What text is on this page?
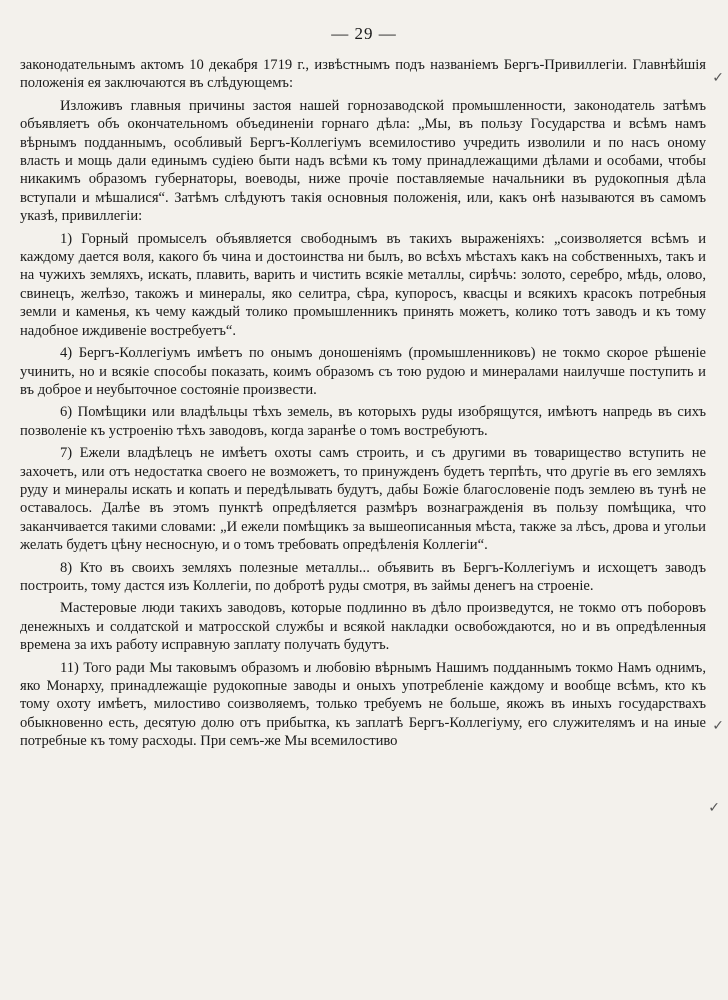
— 29 —

законодательнымъ актомъ 10 декабря 1719 г., извѣстнымъ подъ названіемъ Бергъ-Привиллегіи. Главнѣйшія положенія ея заключаются въ слѣдующемъ:

Изложивъ главныя причины застоя нашей горнозаводской промышленности, законодатель затѣмъ объявляетъ объ окончательномъ объединеніи горнаго дѣла: „Мы, въ пользу Государства и всѣмъ намъ вѣрнымъ подданнымъ, особливый Бергъ-Коллегіумъ всемилостиво учредить изволили и по насъ оному власть и мощь дали единымъ судіею быти надъ всѣми къ тому принадлежащими дѣлами и особами, чтобы никакимъ образомъ губернаторы, воеводы, ниже прочіе поставляемые начальники въ рудокопныя дѣла вступали и мѣшалися“. Затѣмъ слѣдуютъ такія основныя положенія, или, какъ онѣ называются въ самомъ указѣ, привиллегіи:

1) Горный промыселъ объявляется свободнымъ въ такихъ выраженіяхъ: „соизволяется всѣмъ и каждому дается воля, какого бъ чина и достоинства ни былъ, во всѣхъ мѣстахъ какъ на собственныхъ, такъ и на чужихъ земляхъ, искать, плавить, варить и чистить всякіе металлы, сирѣчь: золото, серебро, мѣдь, олово, свинецъ, желѣзо, такожъ и минералы, яко селитра, сѣра, купоросъ, квасцы и всякихъ красокъ потребныя земли и каменья, къ чему каждый толико промышленникъ принять можетъ, колико тотъ заводъ и къ тому надобное иждивеніе востребуетъ“.

4) Бергъ-Коллегіумъ имѣетъ по онымъ доношеніямъ (промышленниковъ) не токмо скорое рѣшеніе учинить, но и всякіе способы показать, коимъ образомъ съ тою рудою и минералами наилучше поступить и въ доброе и неубыточное состояніе произвести.

6) Помѣщики или владѣльцы тѣхъ земель, въ которыхъ руды изобрящутся, имѣютъ напредь въ сихъ позволеніе къ устроенію тѣхъ заводовъ, когда заранѣе о томъ востребуютъ.

7) Ежели владѣлецъ не имѣетъ охоты самъ строить, и съ другими въ товарищество вступить не захочетъ, или отъ недостатка своего не возможетъ, то принужденъ будетъ терпѣть, что другіе въ его земляхъ руду и минералы искать и копать и передѣлывать будутъ, дабы Божіе благословеніе подъ землею въ тунѣ не оставалось. Далѣе въ этомъ пунктѣ опредѣляется размѣръ вознагражденія въ пользу помѣщика, что заканчивается такими словами: „И ежели помѣщикъ за вышеописанныя мѣста, также за лѣсъ, дрова и угольи желать будетъ цѣну несносную, и о томъ требовать опредѣленія Коллегіи“.

8) Кто въ своихъ земляхъ полезные металлы... объявить въ Бергъ-Коллегіумъ и исхощетъ заводъ построить, тому дастся изъ Коллегіи, по добротѣ руды смотря, въ займы денегъ на строеніе.

Мастеровые люди такихъ заводовъ, которые подлинно въ дѣло произведутся, не токмо отъ поборовъ денежныхъ и солдатской и матросской службы и всякой накладки освобождаются, но и въ опредѣленныя времена за ихъ работу исправную заплату получать будутъ.

11) Того ради Мы таковымъ образомъ и любовію вѣрнымъ Нашимъ подданнымъ токмо Намъ однимъ, яко Монарху, принадлежащіе рудокопные заводы и оныхъ употребленіе каждому и вообще всѣмъ, кто къ тому охоту имѣетъ, милостиво соизволяемъ, только требуемъ не больше, якожъ въ иныхъ государствахъ обыкновенно есть, десятую долю отъ прибытка, къ заплатѣ Бергъ-Коллегіуму, его служителямъ и на иные потребные къ тому расходы. При семъ-же Мы всемилостиво

✓
✓
✓
